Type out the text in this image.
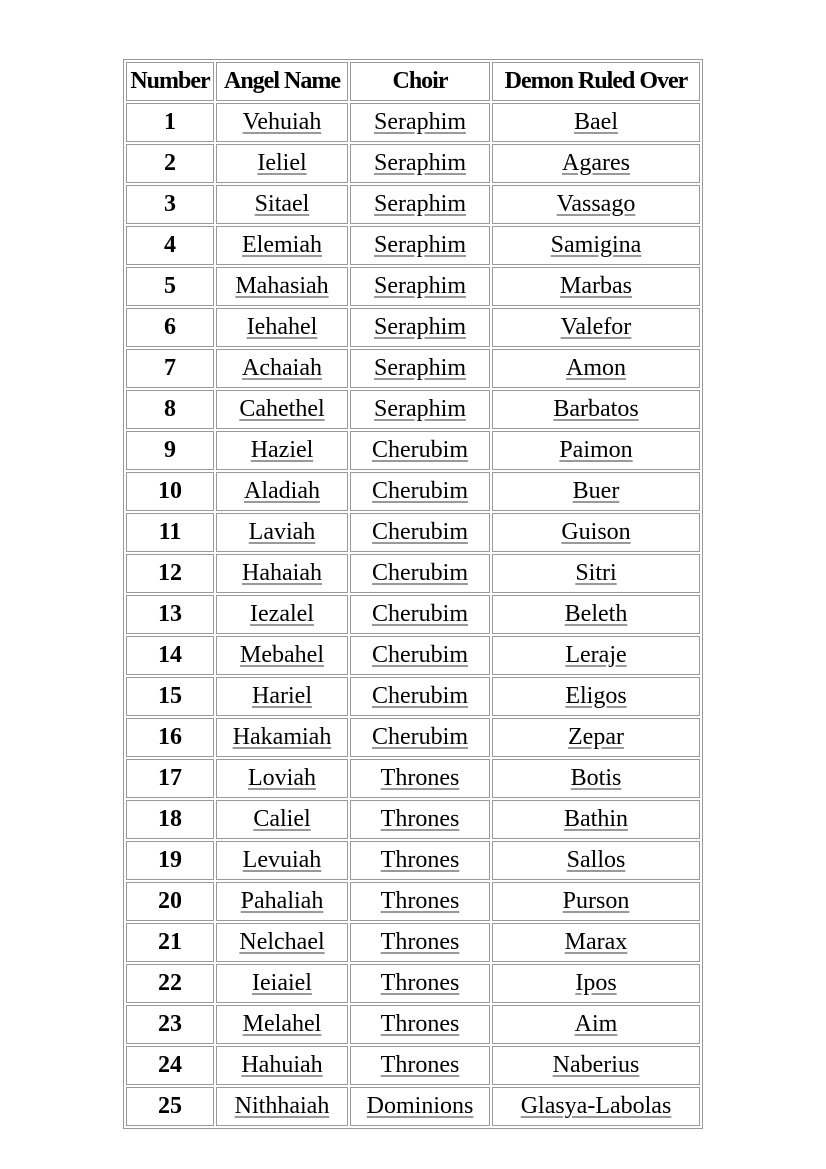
Number	Angel Name	Choir	Demon Ruled Over
1	Vehuiah	Seraphim	Bael
2	Ieliel	Seraphim	Agares
3	Sitael	Seraphim	Vassago
4	Elemiah	Seraphim	Samigina
5	Mahasiah	Seraphim	Marbas
6	Iehahel	Seraphim	Valefor
7	Achaiah	Seraphim	Amon
8	Cahethel	Seraphim	Barbatos
9	Haziel	Cherubim	Paimon
10	Aladiah	Cherubim	Buer
11	Laviah	Cherubim	Guison
12	Hahaiah	Cherubim	Sitri
13	Iezalel	Cherubim	Beleth
14	Mebahel	Cherubim	Leraje
15	Hariel	Cherubim	Eligos
16	Hakamiah	Cherubim	Zepar
17	Loviah	Thrones	Botis
18	Caliel	Thrones	Bathin
19	Levuiah	Thrones	Sallos
20	Pahaliah	Thrones	Purson
21	Nelchael	Thrones	Marax
22	Ieiaiel	Thrones	Ipos
23	Melahel	Thrones	Aim
24	Hahuiah	Thrones	Naberius
25	Nithhaiah	Dominions	Glasya-Labolas
